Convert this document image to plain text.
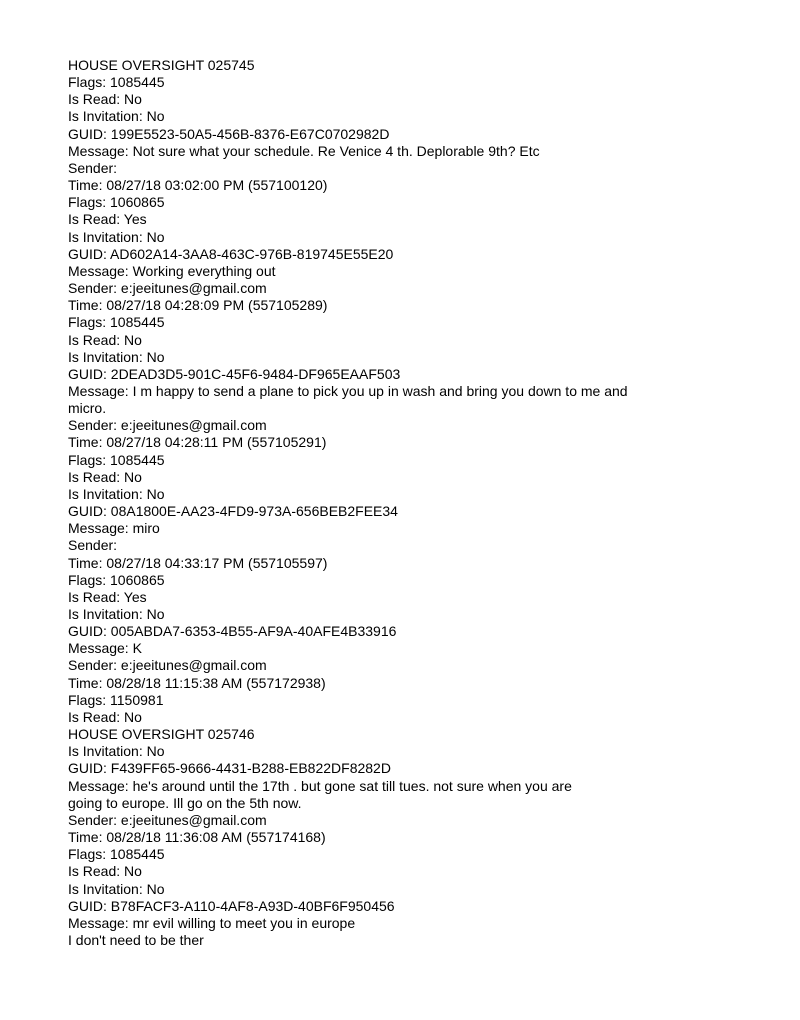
HOUSE OVERSIGHT 025745
Flags: 1085445
Is Read: No
Is Invitation: No
GUID: 199E5523-50A5-456B-8376-E67C0702982D
Message: Not sure what your schedule. Re Venice 4 th. Deplorable 9th? Etc
Sender:
Time: 08/27/18 03:02:00 PM (557100120)
Flags: 1060865
Is Read: Yes
Is Invitation: No
GUID: AD602A14-3AA8-463C-976B-819745E55E20
Message: Working everything out
Sender: e:jeeitunes@gmail.com
Time: 08/27/18 04:28:09 PM (557105289)
Flags: 1085445
Is Read: No
Is Invitation: No
GUID: 2DEAD3D5-901C-45F6-9484-DF965EAAF503
Message: I m happy to send a plane to pick you up in wash and bring you down to me and
micro.
Sender: e:jeeitunes@gmail.com
Time: 08/27/18 04:28:11 PM (557105291)
Flags: 1085445
Is Read: No
Is Invitation: No
GUID: 08A1800E-AA23-4FD9-973A-656BEB2FEE34
Message: miro
Sender:
Time: 08/27/18 04:33:17 PM (557105597)
Flags: 1060865
Is Read: Yes
Is Invitation: No
GUID: 005ABDA7-6353-4B55-AF9A-40AFE4B33916
Message: K
Sender: e:jeeitunes@gmail.com
Time: 08/28/18 11:15:38 AM (557172938)
Flags: 1150981
Is Read: No
HOUSE OVERSIGHT 025746
Is Invitation: No
GUID: F439FF65-9666-4431-B288-EB822DF8282D
Message: he's around until the 17th . but gone sat till tues. not sure when you are
going to europe. Ill go on the 5th now.
Sender: e:jeeitunes@gmail.com
Time: 08/28/18 11:36:08 AM (557174168)
Flags: 1085445
Is Read: No
Is Invitation: No
GUID: B78FACF3-A110-4AF8-A93D-40BF6F950456
Message: mr evil willing to meet you in europe
I don't need to be ther
